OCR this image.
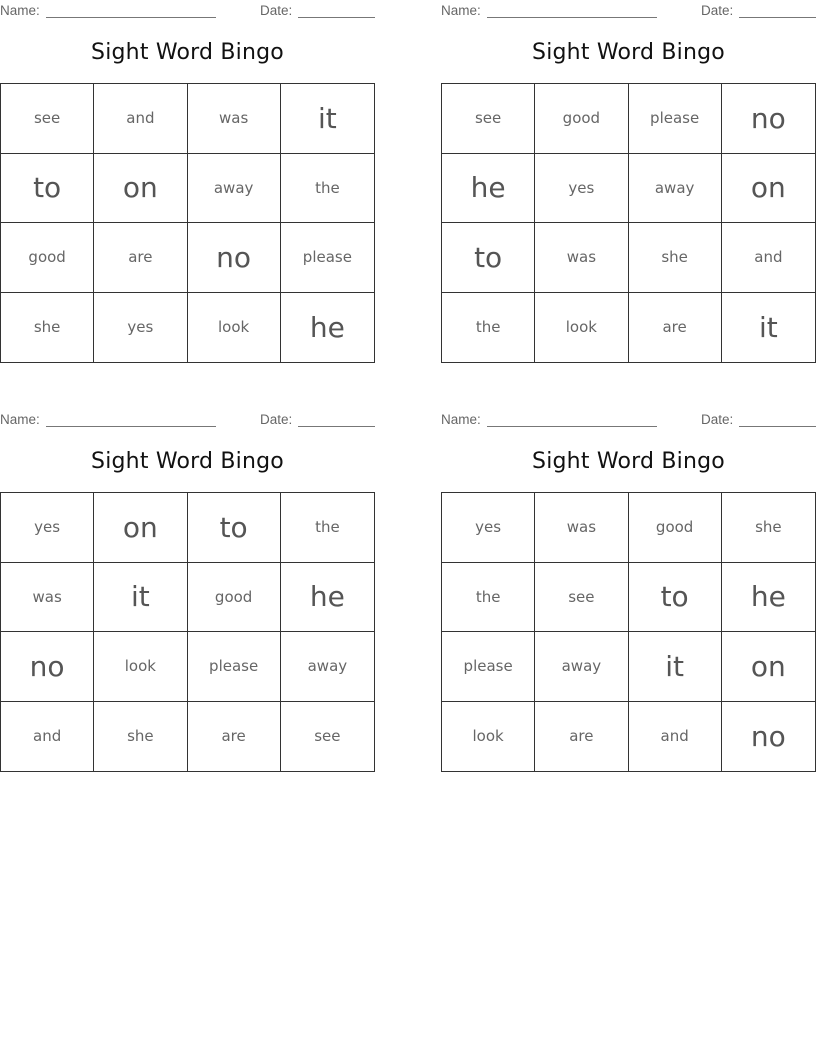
Name:	Date:
Sight Word Bingo
see	and	was	it
to	on	away	the
good	are	no	please
she	yes	look	he
Name:	Date:
Sight Word Bingo
see	good	please	no
he	yes	away	on
to	was	she	and
the	look	are	it
Name:	Date:
Sight Word Bingo
yes	on	to	the
was	it	good	he
no	look	please	away
and	she	are	see
Name:	Date:
Sight Word Bingo
yes	was	good	she
the	see	to	he
please	away	it	on
look	are	and	no
